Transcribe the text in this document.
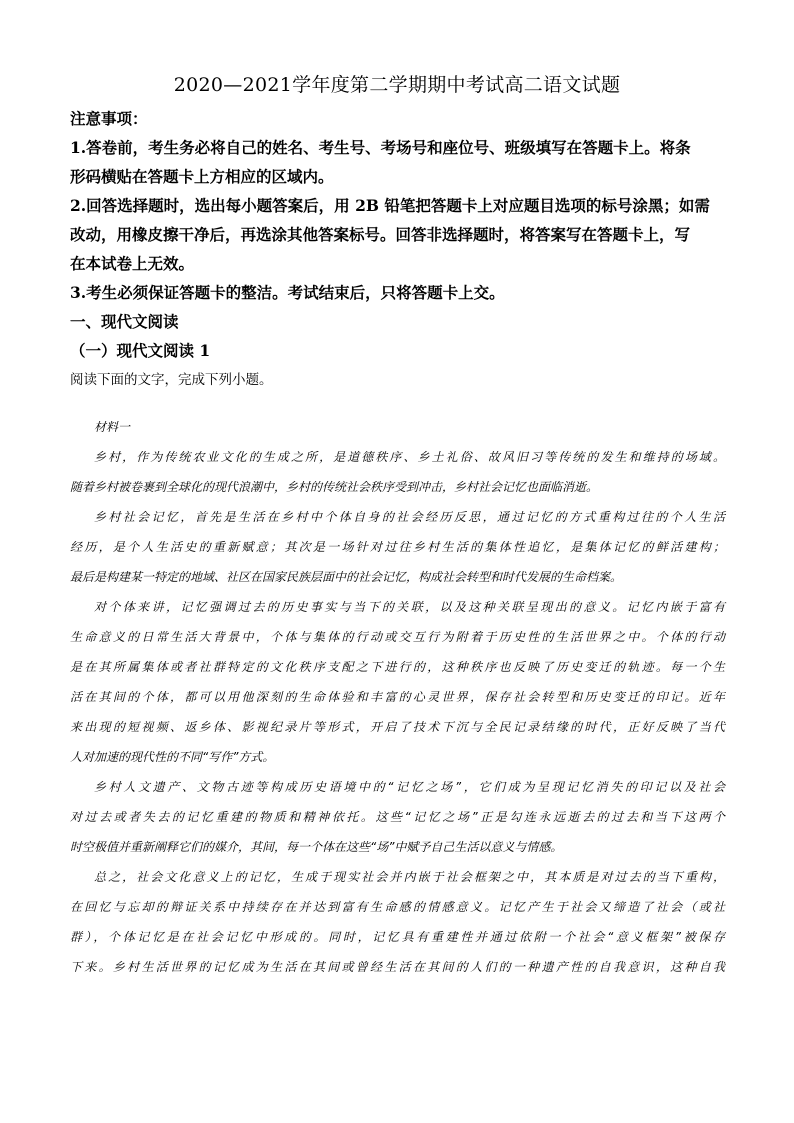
2020—2021学年度第二学期期中考试高二语文试题
注意事项：
1.答卷前，考生务必将自己的姓名、考生号、考场号和座位号、班级填写在答题卡上。将条
形码横贴在答题卡上方相应的区域内。
2.回答选择题时，选出每小题答案后，用 2B 铅笔把答题卡上对应题目选项的标号涂黑；如需
改动，用橡皮擦干净后，再选涂其他答案标号。回答非选择题时，将答案写在答题卡上，写
在本试卷上无效。
3.考生必须保证答题卡的整洁。考试结束后，只将答题卡上交。
一、现代文阅读
（一）现代文阅读 1
阅读下面的文字，完成下列小题。
材料一
乡村，作为传统农业文化的生成之所，是道德秩序、乡土礼俗、故风旧习等传统的发生和维持的场域。
随着乡村被卷裹到全球化的现代浪潮中，乡村的传统社会秩序受到冲击，乡村社会记忆也面临消逝。
乡村社会记忆，首先是生活在乡村中个体自身的社会经历反思，通过记忆的方式重构过往的个人生活
经历，是个人生活史的重新赋意；其次是一场针对过往乡村生活的集体性追忆，是集体记忆的鲜活建构；
最后是构建某一特定的地域、社区在国家民族层面中的社会记忆，构成社会转型和时代发展的生命档案。
对个体来讲，记忆强调过去的历史事实与当下的关联，以及这种关联呈现出的意义。记忆内嵌于富有
生命意义的日常生活大背景中，个体与集体的行动或交互行为附着于历史性的生活世界之中。个体的行动
是在其所属集体或者社群特定的文化秩序支配之下进行的，这种秩序也反映了历史变迁的轨迹。每一个生
活在其间的个体，都可以用他深刻的生命体验和丰富的心灵世界，保存社会转型和历史变迁的印记。近年
来出现的短视频、返乡体、影视纪录片等形式，开启了技术下沉与全民记录结缘的时代，正好反映了当代
人对加速的现代性的不同“写作”方式。
乡村人文遗产、文物古迹等构成历史语境中的“记忆之场”，它们成为呈现记忆消失的印记以及社会
对过去或者失去的记忆重建的物质和精神依托。这些“记忆之场”正是勾连永远逝去的过去和当下这两个
时空极值并重新阐释它们的媒介，其间，每一个体在这些“场”中赋予自己生活以意义与情感。
总之，社会文化意义上的记忆，生成于现实社会并内嵌于社会框架之中，其本质是对过去的当下重构，
在回忆与忘却的辩证关系中持续存在并达到富有生命感的情感意义。记忆产生于社会又缔造了社会（或社
群），个体记忆是在社会记忆中形成的。同时，记忆具有重建性并通过依附一个社会“意义框架”被保存
下来。乡村生活世界的记忆成为生活在其间或曾经生活在其间的人们的一种遗产性的自我意识，这种自我
